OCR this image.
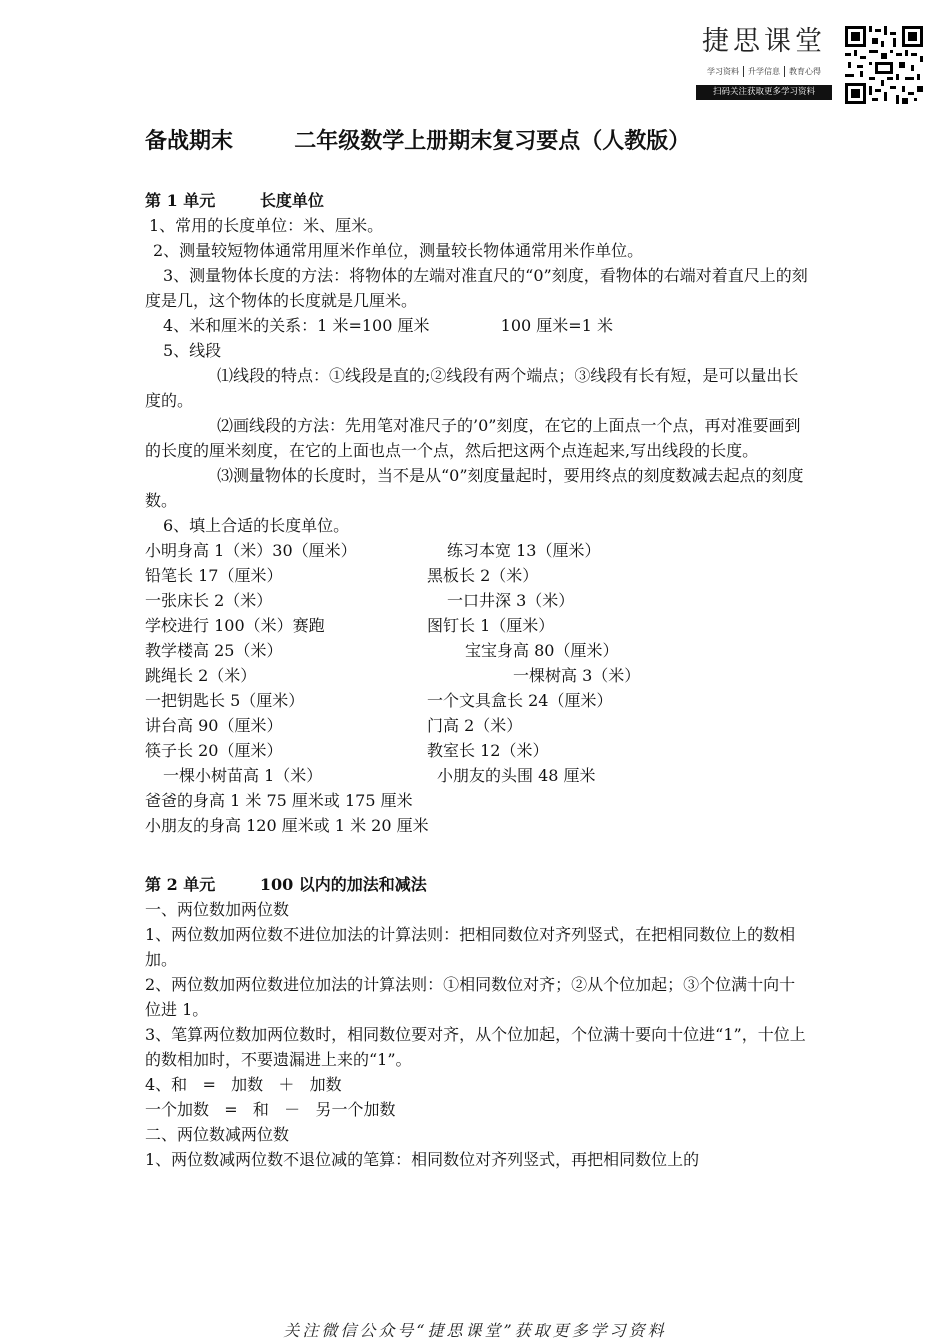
捷思课堂
学习资料 升学信息 教育心得
扫码关注获取更多学习资料
备战期末        二年级数学上册期末复习要点（人教版）

第 1 单元        长度单位

1、常用的长度单位：米、厘米。

2、测量较短物体通常用厘米作单位，测量较长物体通常用米作单位。

3、测量物体长度的方法：将物体的左端对准直尺的“0”刻度，看物体的右端对着直尺上的刻度是几，这个物体的长度就是几厘米。

4、米和厘米的关系：1 米=100 厘米              100 厘米=1 米

5、线段

⑴线段的特点：①线段是直的;②线段有两个端点；③线段有长有短，是可以量出长度的。

⑵画线段的方法：先用笔对准尺子的’0”刻度，在它的上面点一个点，再对准要画到的长度的厘米刻度，在它的上面也点一个点，然后把这两个点连起来,写出线段的长度。

⑶测量物体的长度时，当不是从“0”刻度量起时，要用终点的刻度数减去起点的刻度数。

6、填上合适的长度单位。

小明身高 1（米）30（厘米）	练习本宽 13（厘米）
铅笔长 17（厘米）	黑板长 2（米）
一张床长 2（米）	一口井深 3（米）
学校进行 100（米）赛跑	图钉长 1（厘米）
教学楼高 25（米）	宝宝身高 80（厘米）
跳绳长 2（米）	一棵树高 3（米）
一把钥匙长 5（厘米）	一个文具盒长 24（厘米）
讲台高 90（厘米）	门高 2（米）
筷子长 20（厘米）	教室长 12（米）
一棵小树苗高 1（米）	小朋友的头围 48 厘米

爸爸的身高 1 米 75 厘米或 175 厘米

小朋友的身高 120 厘米或 1 米 20 厘米

第 2 单元        100 以内的加法和减法

一、两位数加两位数

1、两位数加两位数不进位加法的计算法则：把相同数位对齐列竖式，在把相同数位上的数相加。

2、两位数加两位数进位加法的计算法则：①相同数位对齐；②从个位加起；③个位满十向十位进 1。

3、笔算两位数加两位数时，相同数位要对齐，从个位加起，个位满十要向十位进“1”，十位上的数相加时，不要遗漏进上来的“1”。

4、和   =   加数   ＋   加数

一个加数   =   和   －   另一个加数

二、两位数减两位数

1、两位数减两位数不退位减的笔算：相同数位对齐列竖式，再把相同数位上的

关注微信公众号“捷思课堂”获取更多学习资料
